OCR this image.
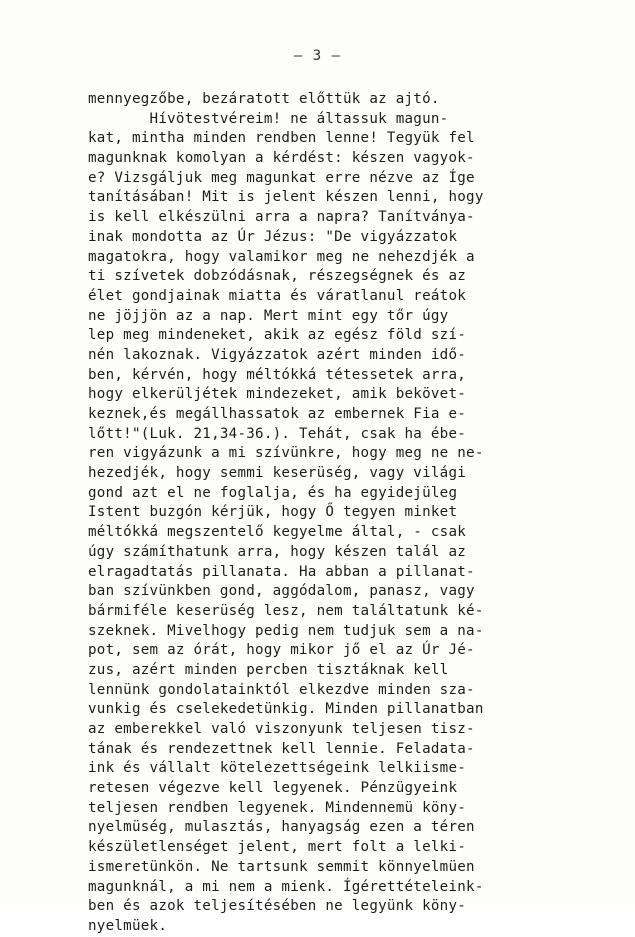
— 3 —
mennyegzőbe, bezáratott előttük az ajtó.
Hívötestvéreim! ne áltassuk magun-
kat, mintha minden rendben lenne! Tegyük fel
magunknak komolyan a kérdést: készen vagyok-
e? Vizsgáljuk meg magunkat erre nézve az Íge
tanításában! Mit is jelent készen lenni, hogy
is kell elkészülni arra a napra? Tanítványa-
inak mondotta az Úr Jézus: "De vigyázzatok
magatokra, hogy valamikor meg ne nehezdjék a
ti szívetek dobzódásnak, részegségnek és az
élet gondjainak miatta és váratlanul reátok
ne jöjjön az a nap. Mert mint egy tőr úgy
lep meg mindeneket, akik az egész föld szí-
nén lakoznak. Vigyázzatok azért minden idő-
ben, kérvén, hogy méltókká tétessetek arra,
hogy elkerüljétek mindezeket, amik bekövet-
keznek,és megállhassatok az embernek Fia e-
lőtt!"(Luk. 21,34-36.). Tehát, csak ha ébe-
ren vigyázunk a mi szívünkre, hogy meg ne ne-
hezedjék, hogy semmi keserüség, vagy világi
gond azt el ne foglalja, és ha egyidejüleg
Istent buzgón kérjük, hogy Ő tegyen minket
méltókká megszentelő kegyelme által, - csak
úgy számíthatunk arra, hogy készen talál az
elragadtatás pillanata. Ha abban a pillanat-
ban szívünkben gond, aggódalom, panasz, vagy
bármiféle keserüség lesz, nem találtatunk ké-
szeknek. Mivelhogy pedig nem tudjuk sem a na-
pot, sem az órát, hogy mikor jő el az Úr Jé-
zus, azért minden percben tisztáknak kell
lennünk gondolatainktól elkezdve minden sza-
vunkig és cselekedetünkig. Minden pillanatban
az emberekkel való viszonyunk teljesen tisz-
tának és rendezettnek kell lennie. Feladata-
ink és vállalt kötelezettségeink lelkiisme-
retesen végezve kell legyenek. Pénzügyeink
teljesen rendben legyenek. Mindennemü köny-
nyelmüség, mulasztás, hanyagság ezen a téren
készületlenséget jelent, mert folt a lelki-
ismeretünkön. Ne tartsunk semmit könnyelmüen
magunknál, a mi nem a mienk. Ígérettételeink-
ben és azok teljesítésében ne legyünk köny-
nyelmüek.
